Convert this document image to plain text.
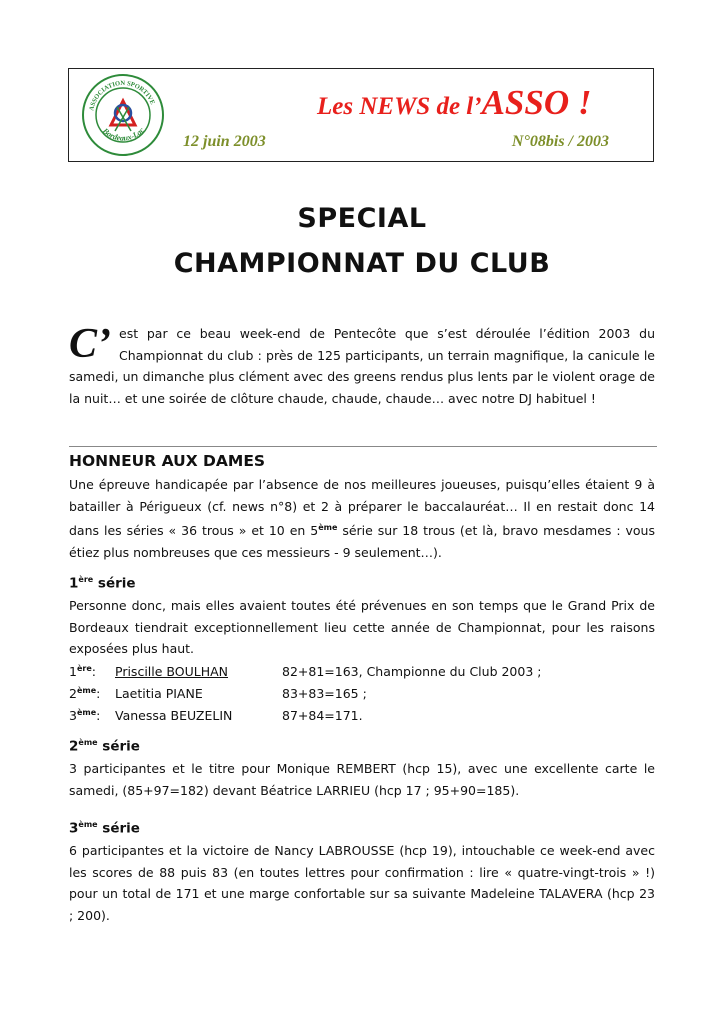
ASSOCIATION SPORTIVE
Bordeaux-Lac
Les NEWS de l’ASSO !
12 juin 2003	N°08bis / 2003
SPECIAL
CHAMPIONNAT DU CLUB
C’ est par ce beau week-end de Pentecôte que s’est déroulée l’édition 2003 du Championnat du club : près de 125 participants, un terrain magnifique, la canicule le samedi, un dimanche plus clément avec des greens rendus plus lents par le violent orage de la nuit… et une soirée de clôture chaude, chaude, chaude… avec notre DJ habituel !
HONNEUR AUX DAMES
Une épreuve handicapée par l’absence de nos meilleures joueuses, puisqu’elles étaient 9 à batailler à Périgueux (cf. news n°8) et 2 à préparer le baccalauréat… Il en restait donc 14 dans les séries « 36 trous » et 10 en 5ème série sur 18 trous (et là, bravo mesdames : vous étiez plus nombreuses que ces messieurs - 9 seulement…).
1ère série
Personne donc, mais elles avaient toutes été prévenues en son temps que le Grand Prix de Bordeaux tiendrait exceptionnellement lieu cette année de Championnat, pour les raisons exposées plus haut.
1ère: Priscille BOULHAN	82+81=163, Championne du Club 2003 ;
2ème: Laetitia PIANE	83+83=165 ;
3ème: Vanessa BEUZELIN	87+84=171.
2ème série
3 participantes et le titre pour Monique REMBERT (hcp 15), avec une excellente carte le samedi, (85+97=182) devant Béatrice LARRIEU (hcp 17 ; 95+90=185).
3ème série
6 participantes et la victoire de Nancy LABROUSSE (hcp 19), intouchable ce week-end avec les scores de 88 puis 83 (en toutes lettres pour confirmation : lire « quatre-vingt-trois » !) pour un total de 171 et une marge confortable sur sa suivante Madeleine TALAVERA (hcp 23 ; 200).
